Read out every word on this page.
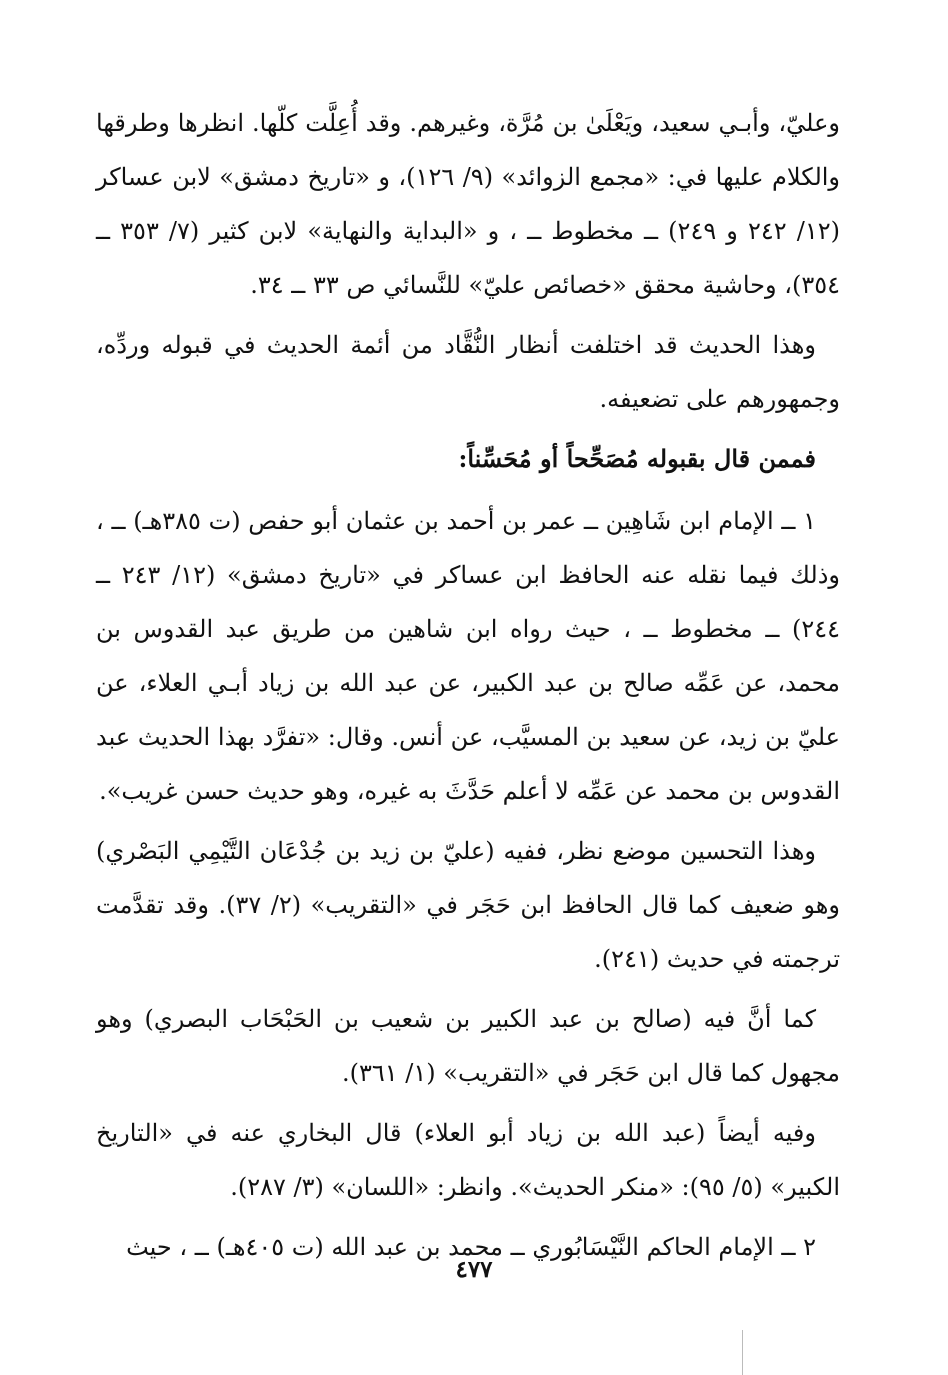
وعليّ، وأبـي سعيد، ويَعْلَىٰ بن مُرَّة، وغيرهم. وقد أُعِلَّت كلّها. انظرها وطرقها والكلام عليها في: «مجمع الزوائد» (٩/ ١٢٦)، و «تاريخ دمشق» لابن عساكر (١٢/ ٢٤٢ و ٢٤٩) ــ مخطوط ــ ، و «البداية والنهاية» لابن كثير (٧/ ٣٥٣ ــ ٣٥٤)، وحاشية محقق «خصائص عليّ» للنَّسائي ص ٣٣ ــ ٣٤.

وهذا الحديث قد اختلفت أنظار النُّقَّاد من أئمة الحديث في قبوله وردِّه، وجمهورهم على تضعيفه.

فممن قال بقبوله مُصَحِّحاً أو مُحَسِّناً:

١ ــ الإمام ابن شَاهِين ــ عمر بن أحمد بن عثمان أبو حفص (ت ٣٨٥هـ) ــ ، وذلك فيما نقله عنه الحافظ ابن عساكر في «تاريخ دمشق» (١٢/ ٢٤٣ ــ ٢٤٤) ــ مخطوط ــ ، حيث رواه ابن شاهين من طريق عبد القدوس بن محمد، عن عَمِّه صالح بن عبد الكبير، عن عبد الله بن زياد أبـي العلاء، عن عليّ بن زيد، عن سعيد بن المسيَّب، عن أنس. وقال: «تفرَّد بهذا الحديث عبد القدوس بن محمد عن عَمِّه لا أعلم حَدَّثَ به غيره، وهو حديث حسن غريب».

وهذا التحسين موضع نظر، ففيه (عليّ بن زيد بن جُدْعَان التَّيْمِي البَصْري) وهو ضعيف كما قال الحافظ ابن حَجَر في «التقريب» (٢/ ٣٧). وقد تقدَّمت ترجمته في حديث (٢٤١).

كما أنَّ فيه (صالح بن عبد الكبير بن شعيب بن الحَبْحَاب البصري) وهو مجهول كما قال ابن حَجَر في «التقريب» (١/ ٣٦١).

وفيه أيضاً (عبد الله بن زياد أبو العلاء) قال البخاري عنه في «التاريخ الكبير» (٥/ ٩٥): «منكر الحديث». وانظر: «اللسان» (٣/ ٢٨٧).

٢ ــ الإمام الحاكم النَّيْسَابُوري ــ محمد بن عبد الله (ت ٤٠٥هـ) ــ ، حيث

٤٧٧
